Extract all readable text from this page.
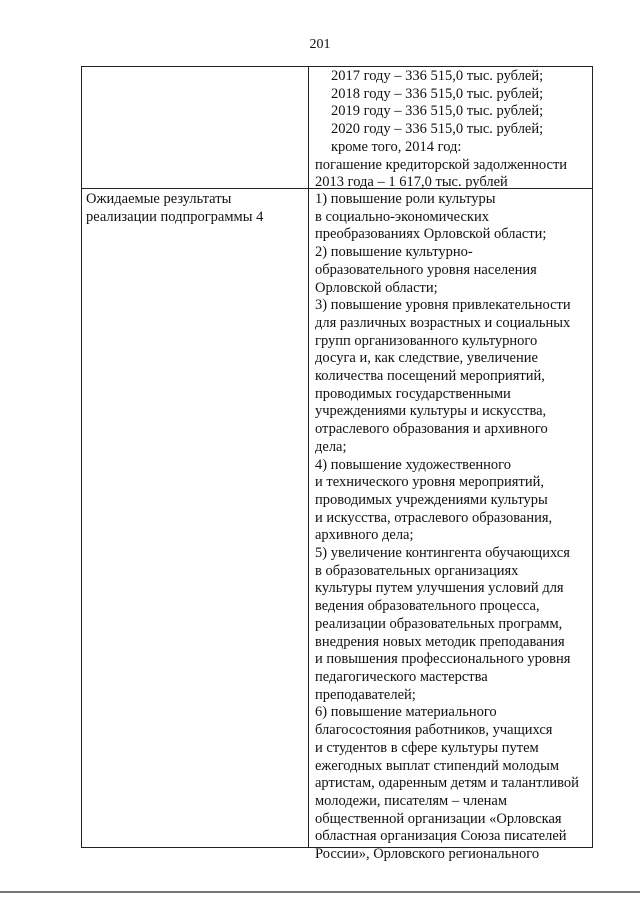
201
2017 году – 336 515,0 тыс. рублей;
2018 году – 336 515,0 тыс. рублей;
2019 году – 336 515,0 тыс. рублей;
2020 году – 336 515,0 тыс. рублей;
кроме того, 2014 год:
погашение кредиторской задолженности
2013 года – 1 617,0 тыс. рублей
Ожидаемые результаты
реализации подпрограммы 4
1) повышение роли культуры
в социально-экономических
преобразованиях Орловской области;
2) повышение культурно-
образовательного уровня населения
Орловской области;
3) повышение уровня привлекательности
для различных возрастных и социальных
групп организованного культурного
досуга и, как следствие, увеличение
количества посещений мероприятий,
проводимых государственными
учреждениями культуры и искусства,
отраслевого образования и архивного
дела;
4) повышение художественного
и технического уровня мероприятий,
проводимых учреждениями культуры
и искусства, отраслевого образования,
архивного дела;
5) увеличение контингента обучающихся
в образовательных организациях
культуры путем улучшения условий для
ведения образовательного процесса,
реализации образовательных программ,
внедрения новых методик преподавания
и повышения профессионального уровня
педагогического мастерства
преподавателей;
6) повышение материального
благосостояния работников, учащихся
и студентов в сфере культуры путем
ежегодных выплат стипендий молодым
артистам, одаренным детям и талантливой
молодежи, писателям – членам
общественной организации «Орловская
областная организация Союза писателей
России», Орловского регионального
